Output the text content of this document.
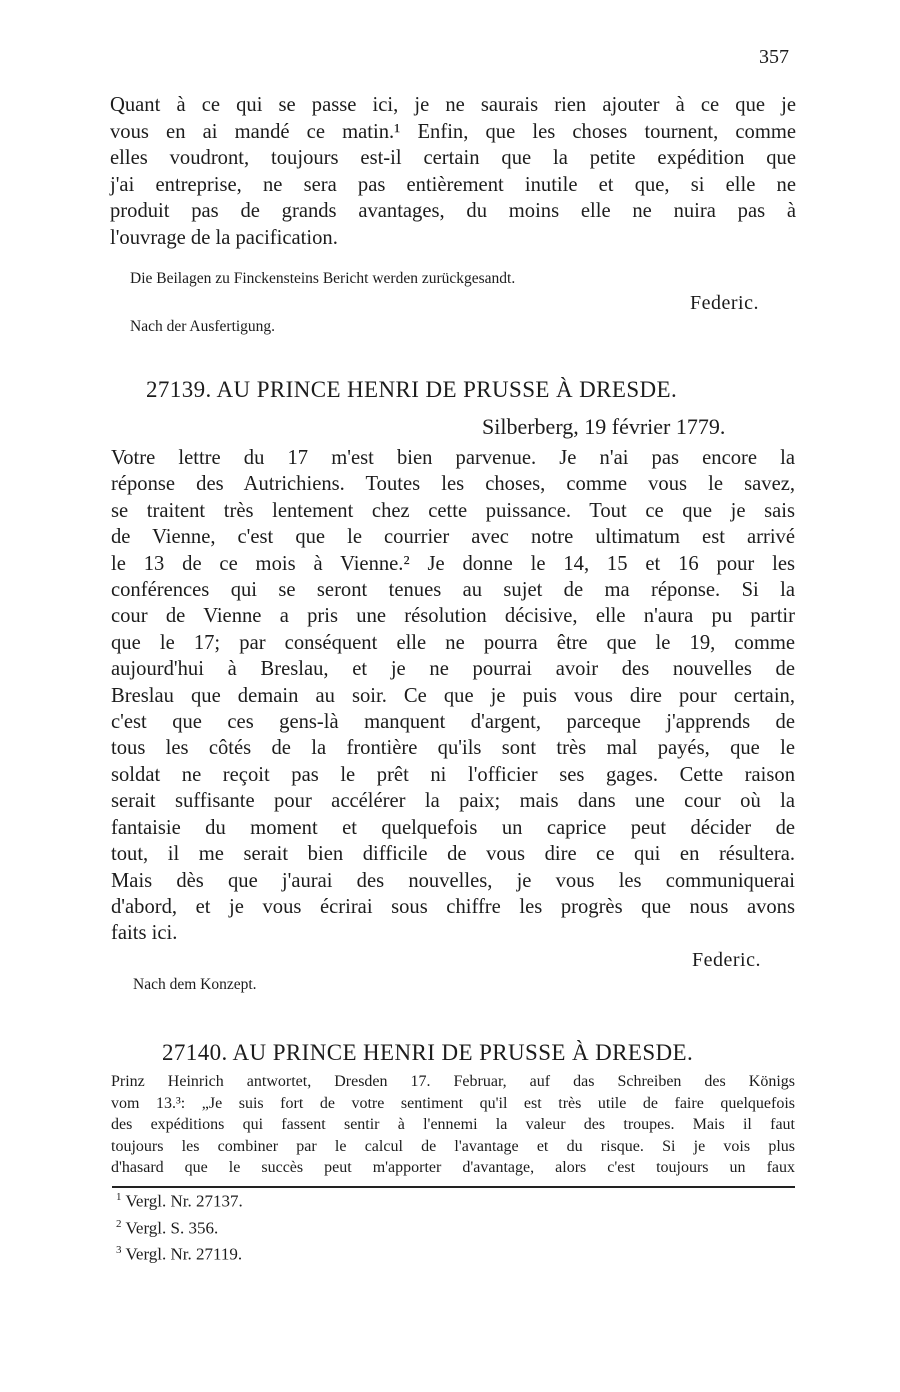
357
Quant à ce qui se passe ici, je ne saurais rien ajouter à ce que je
vous en ai mandé ce matin.¹ Enfin, que les choses tournent, comme
elles voudront, toujours est-il certain que la petite expédition que
j'ai entreprise, ne sera pas entièrement inutile et que, si elle ne
produit pas de grands avantages, du moins elle ne nuira pas à
l'ouvrage de la pacification.
Die Beilagen zu Finckensteins Bericht werden zurückgesandt.
Federic.
Nach der Ausfertigung.
27139. AU PRINCE HENRI DE PRUSSE À DRESDE.
Silberberg, 19 février 1779.
Votre lettre du 17 m'est bien parvenue. Je n'ai pas encore la
réponse des Autrichiens. Toutes les choses, comme vous le savez,
se traitent très lentement chez cette puissance. Tout ce que je sais
de Vienne, c'est que le courrier avec notre ultimatum est arrivé
le 13 de ce mois à Vienne.² Je donne le 14, 15 et 16 pour les
conférences qui se seront tenues au sujet de ma réponse. Si la
cour de Vienne a pris une résolution décisive, elle n'aura pu partir
que le 17; par conséquent elle ne pourra être que le 19, comme
aujourd'hui à Breslau, et je ne pourrai avoir des nouvelles de
Breslau que demain au soir. Ce que je puis vous dire pour certain,
c'est que ces gens-là manquent d'argent, parceque j'apprends de
tous les côtés de la frontière qu'ils sont très mal payés, que le
soldat ne reçoit pas le prêt ni l'officier ses gages. Cette raison
serait suffisante pour accélérer la paix; mais dans une cour où la
fantaisie du moment et quelquefois un caprice peut décider de
tout, il me serait bien difficile de vous dire ce qui en résultera.
Mais dès que j'aurai des nouvelles, je vous les communiquerai
d'abord, et je vous écrirai sous chiffre les progrès que nous avons
faits ici.
Federic.
Nach dem Konzept.
27140. AU PRINCE HENRI DE PRUSSE À DRESDE.
Prinz Heinrich antwortet, Dresden 17. Februar, auf das Schreiben des Königs
vom 13.³: „Je suis fort de votre sentiment qu'il est très utile de faire quelquefois
des expéditions qui fassent sentir à l'ennemi la valeur des troupes. Mais il faut
toujours les combiner par le calcul de l'avantage et du risque. Si je vois plus
d'hasard que le succès peut m'apporter d'avantage, alors c'est toujours un faux
$^1$ Vergl. Nr. 27137.
$^2$ Vergl. S. 356.
$^3$ Vergl. Nr. 27119.
